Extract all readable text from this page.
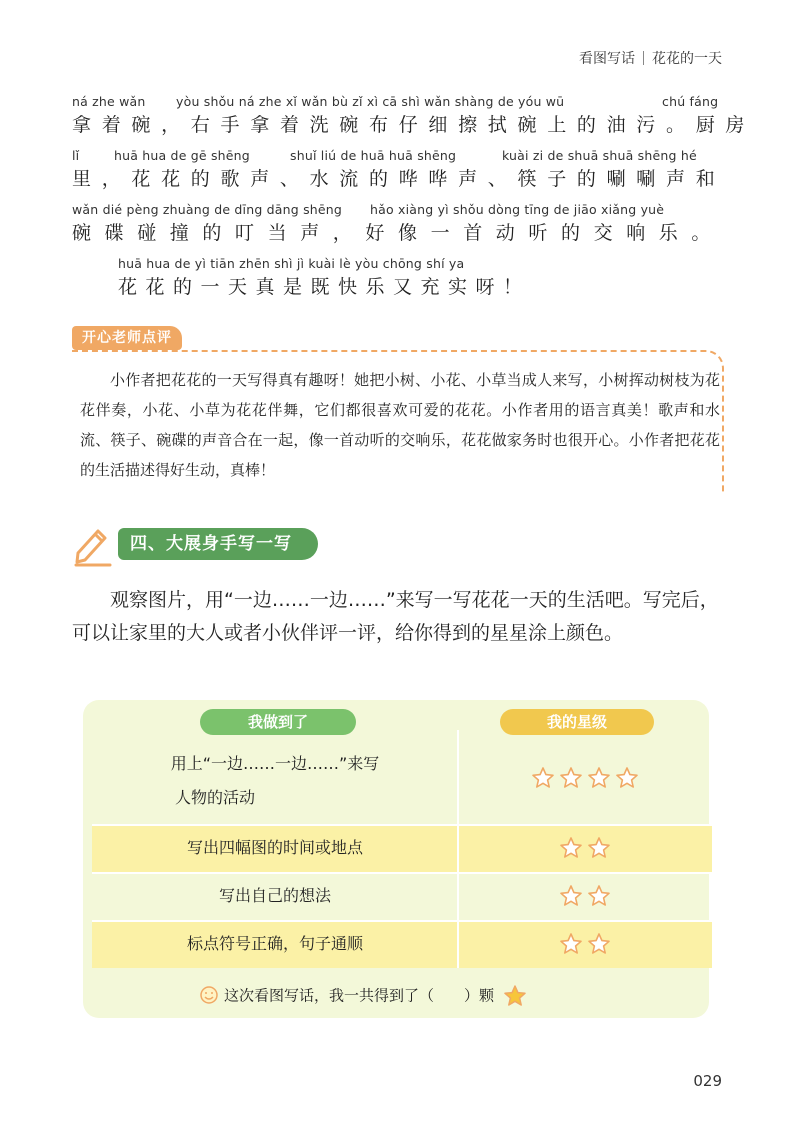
看图写话 花花的一天
ná zhe wǎn yòu shǒu ná zhe xǐ wǎn bù zǐ xì cā shì wǎn shàng de yóu wū	chú fáng
拿着碗，右手拿着洗碗布仔细擦拭碗上的油污。厨房
lǐ	huā hua de gē shēng	shuǐ liú de huā huā shēng	kuài zi de shuā shuā shēng hé
里，花花的歌声、水流的哗哗声、筷子的唰唰声和
wǎn dié pèng zhuàng de dīng dāng shēng hǎo xiàng yì shǒu dòng tīng de jiāo xiǎng yuè
碗碟碰撞的叮当声，好像一首动听的交响乐。
huā hua de yì tiān zhēn shì jì kuài lè yòu chōng shí ya
花花的一天真是既快乐又充实呀！
开心老师点评
小作者把花花的一天写得真有趣呀！她把小树、小花、小草当成人来写，小树挥动树枝为花花伴奏，小花、小草为花花伴舞，它们都很喜欢可爱的花花。小作者用的语言真美！歌声和水流、筷子、碗碟的声音合在一起，像一首动听的交响乐，花花做家务时也很开心。小作者把花花的生活描述得好生动，真棒！
四、大展身手写一写
观察图片，用“一边……一边……”来写一写花花一天的生活吧。写完后，可以让家里的大人或者小伙伴评一评，给你得到的星星涂上颜色。
我做到了	我的星级
用上“一边……一边……”来写
人物的活动
写出四幅图的时间或地点
写出自己的想法
标点符号正确，句子通顺
这次看图写话，我一共得到了（　　）颗
029
